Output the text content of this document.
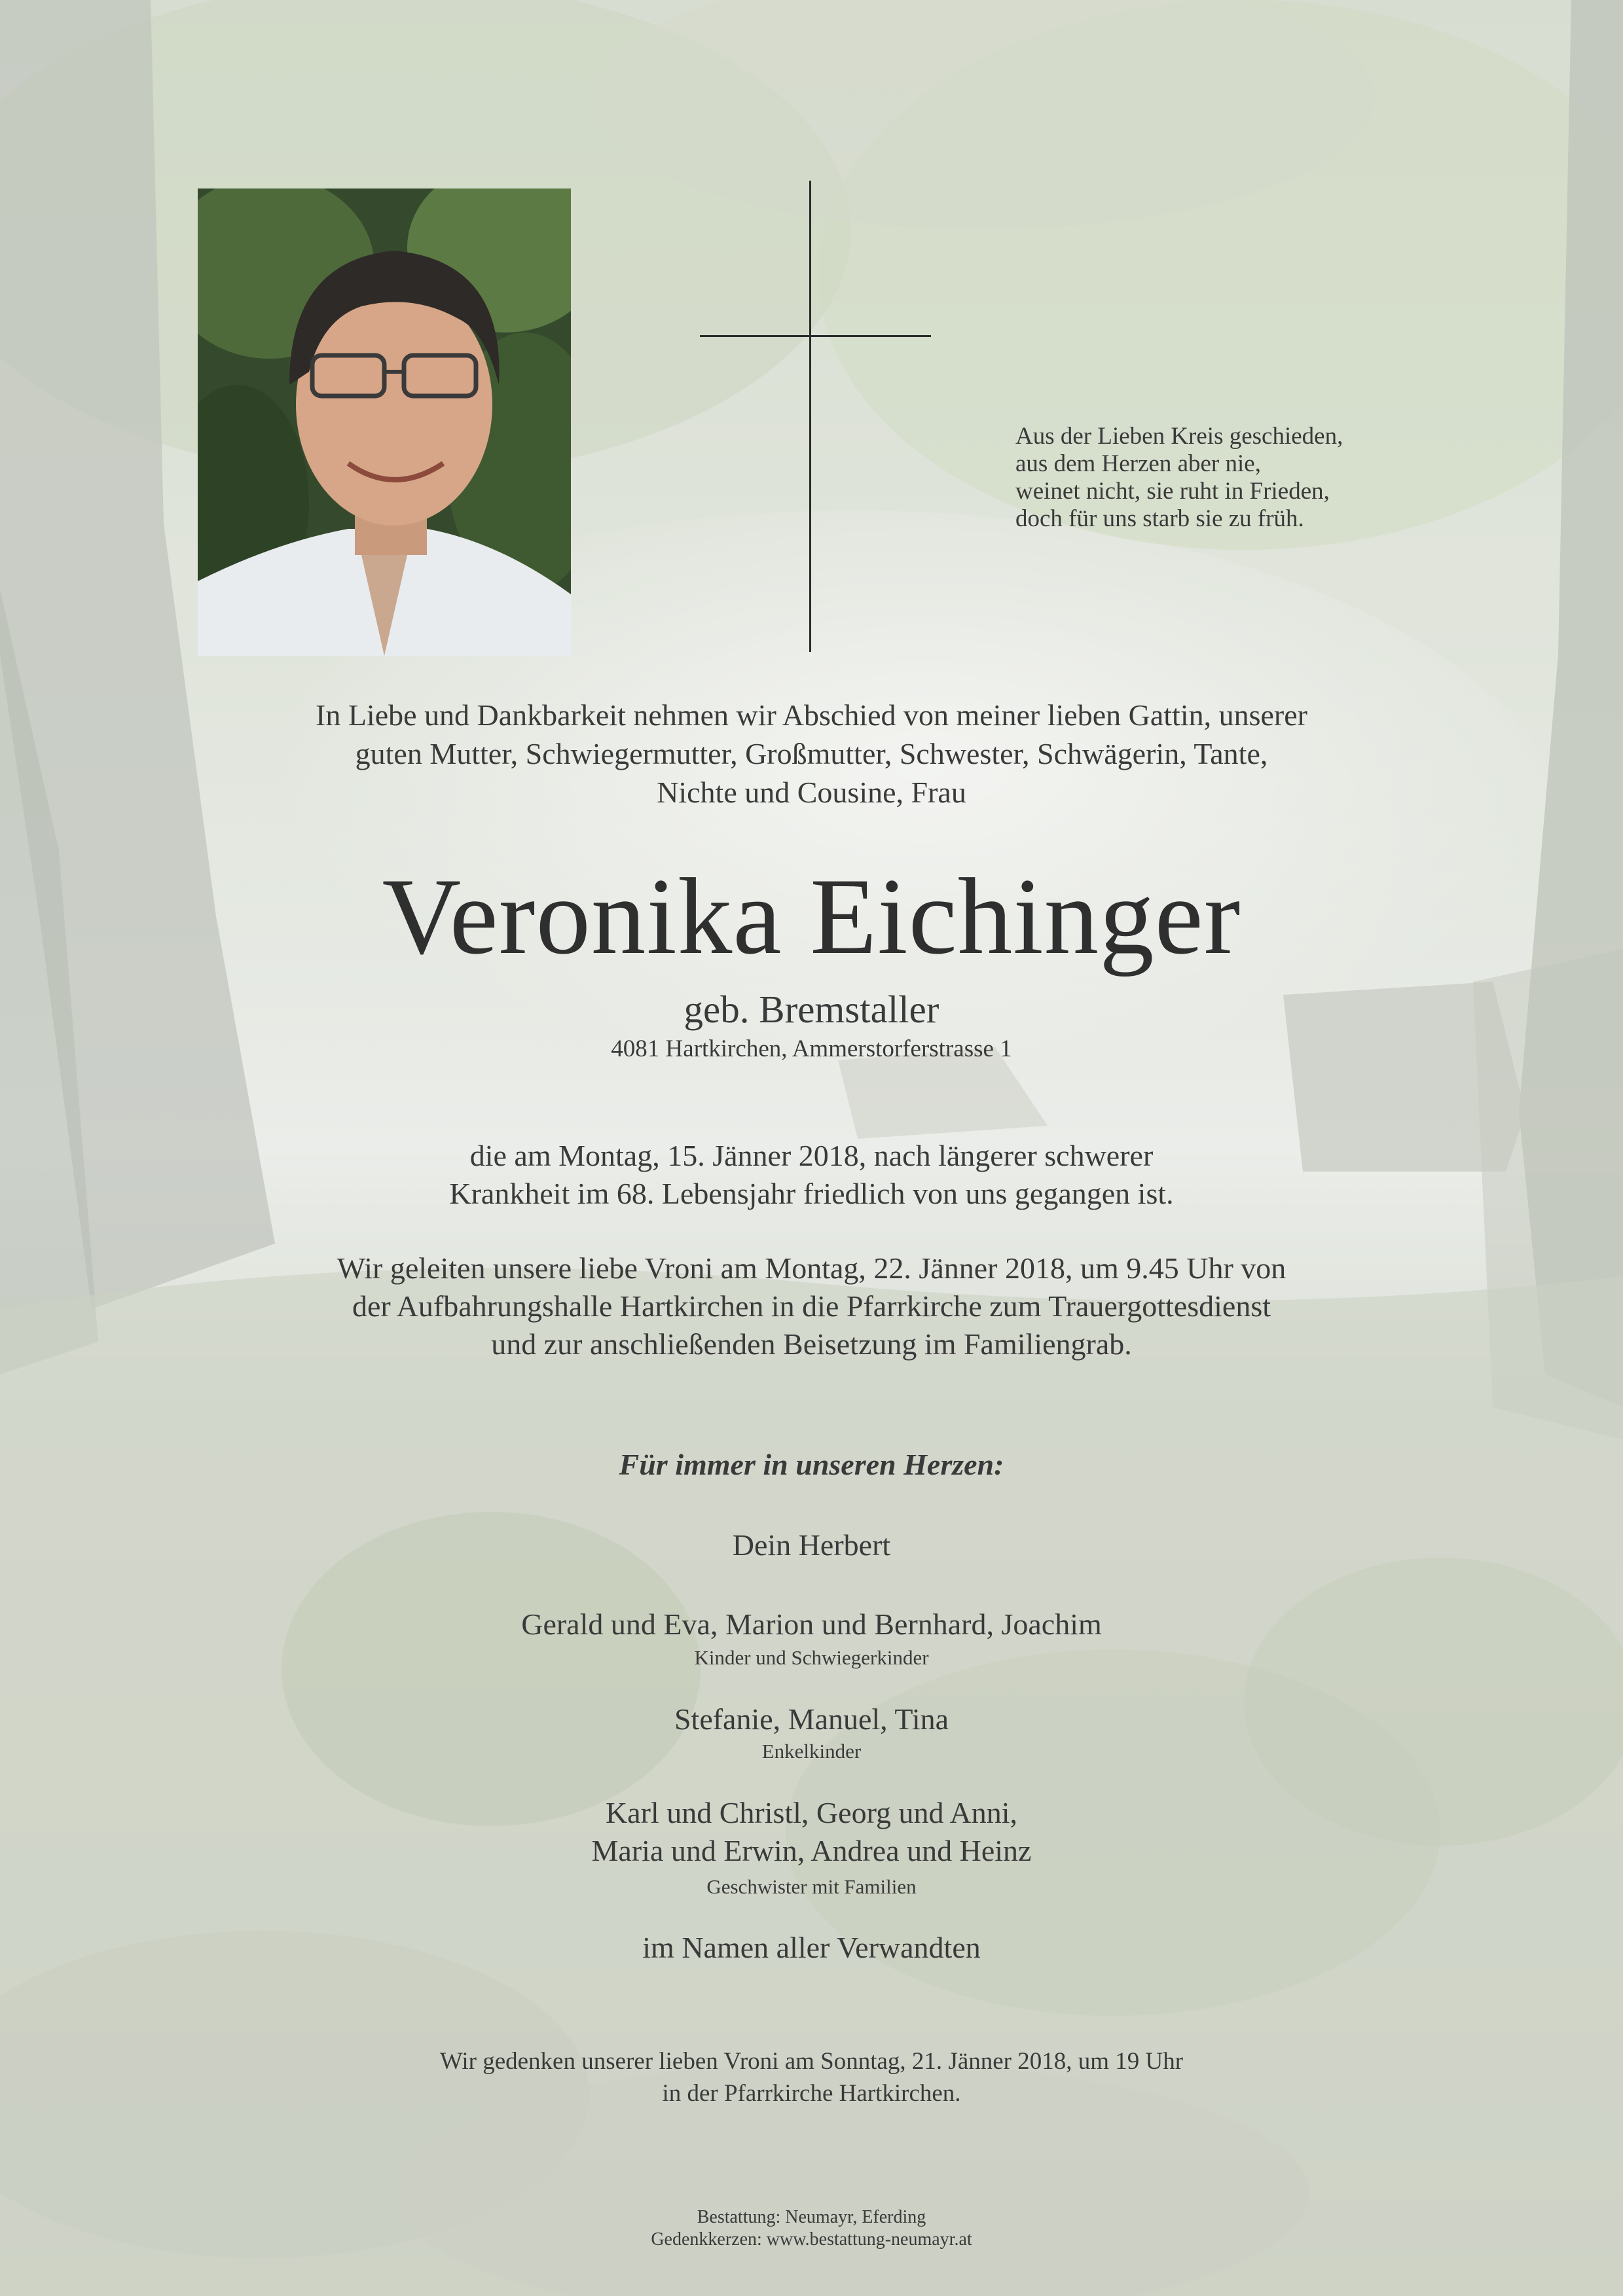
Aus der Lieben Kreis geschieden,
aus dem Herzen aber nie,
weinet nicht, sie ruht in Frieden,
doch für uns starb sie zu früh.
In Liebe und Dankbarkeit nehmen wir Abschied von meiner lieben Gattin, unserer
guten Mutter, Schwiegermutter, Großmutter, Schwester, Schwägerin, Tante,
Nichte und Cousine, Frau
Veronika Eichinger
geb. Bremstaller
4081 Hartkirchen, Ammerstorferstrasse 1
die am Montag, 15. Jänner 2018, nach längerer schwerer
Krankheit im 68. Lebensjahr friedlich von uns gegangen ist.
Wir geleiten unsere liebe Vroni am Montag, 22. Jänner 2018, um 9.45 Uhr von
der Aufbahrungshalle Hartkirchen in die Pfarrkirche zum Trauergottesdienst
und zur anschließenden Beisetzung im Familiengrab.
Für immer in unseren Herzen:
Dein Herbert
Gerald und Eva, Marion und Bernhard, Joachim
Kinder und Schwiegerkinder
Stefanie, Manuel, Tina
Enkelkinder
Karl und Christl, Georg und Anni,
Maria und Erwin, Andrea und Heinz
Geschwister mit Familien
im Namen aller Verwandten
Wir gedenken unserer lieben Vroni am Sonntag, 21. Jänner 2018, um 19 Uhr
in der Pfarrkirche Hartkirchen.
Bestattung: Neumayr, Eferding
Gedenkkerzen: www.bestattung-neumayr.at
